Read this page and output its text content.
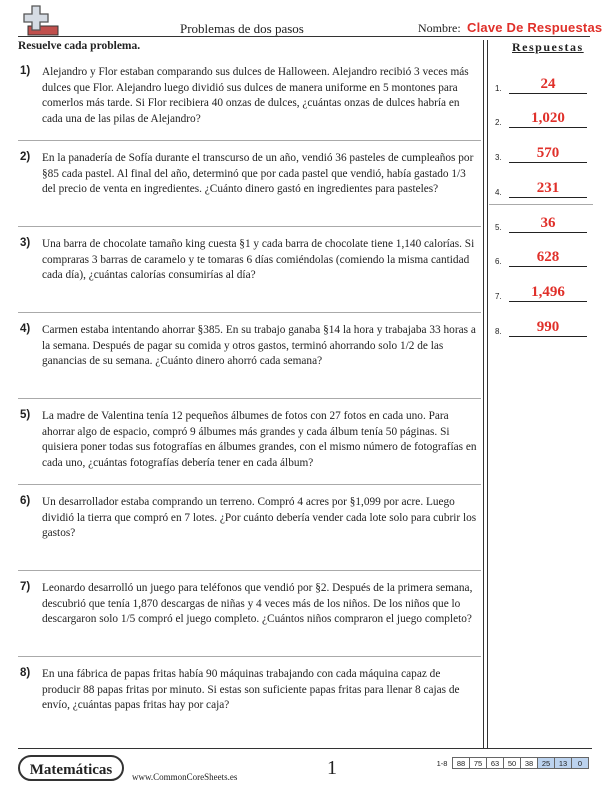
Problemas de dos pasos	Nombre: Clave De Respuestas
Resuelve cada problema.
1) Alejandro y Flor estaban comparando sus dulces de Halloween. Alejandro recibió 3 veces más dulces que Flor. Alejandro luego dividió sus dulces de manera uniforme en 5 montones para comerlos más tarde. Si Flor recibiera 40 onzas de dulces, ¿cuántas onzas de dulces habría en cada una de las pilas de Alejandro?
2) En la panadería de Sofía durante el transcurso de un año, vendió 36 pasteles de cumpleaños por §85 cada pastel. Al final del año, determinó que por cada pastel que vendió, había gastado 1/3 del precio de venta en ingredientes. ¿Cuánto dinero gastó en ingredientes para pasteles?
3) Una barra de chocolate tamaño king cuesta §1 y cada barra de chocolate tiene 1,140 calorías. Si compraras 3 barras de caramelo y te tomaras 6 días comiéndolas (comiendo la misma cantidad cada día), ¿cuántas calorías consumirías al día?
4) Carmen estaba intentando ahorrar §385. En su trabajo ganaba §14 la hora y trabajaba 33 horas a la semana. Después de pagar su comida y otros gastos, terminó ahorrando solo 1/2 de las ganancias de su semana. ¿Cuánto dinero ahorró cada semana?
5) La madre de Valentina tenía 12 pequeños álbumes de fotos con 27 fotos en cada uno. Para ahorrar algo de espacio, compró 9 álbumes más grandes y cada álbum tenía 50 páginas. Si quisiera poner todas sus fotografías en álbumes grandes, con el mismo número de fotografías en cada uno, ¿cuántas fotografías debería tener en cada álbum?
6) Un desarrollador estaba comprando un terreno. Compró 4 acres por §1,099 por acre. Luego dividió la tierra que compró en 7 lotes. ¿Por cuánto debería vender cada lote solo para cubrir los gastos?
7) Leonardo desarrolló un juego para teléfonos que vendió por §2. Después de la primera semana, descubrió que tenía 1,870 descargas de niñas y 4 veces más de los niños. De los niños que lo descargaron solo 1/5 compró el juego completo. ¿Cuántos niños compraron el juego completo?
8) En una fábrica de papas fritas había 90 máquinas trabajando con cada máquina capaz de producir 88 papas fritas por minuto. Si estas son suficiente papas fritas para llenar 8 cajas de envío, ¿cuántas papas fritas hay por caja?
Respuestas
1.	24
2.	1,020
3.	570
4.	231
5.	36
6.	628
7.	1,496
8.	990
Matemáticas	www.CommonCoreSheets.es	1	1-8	88	75	63	50	38	25	13	0
